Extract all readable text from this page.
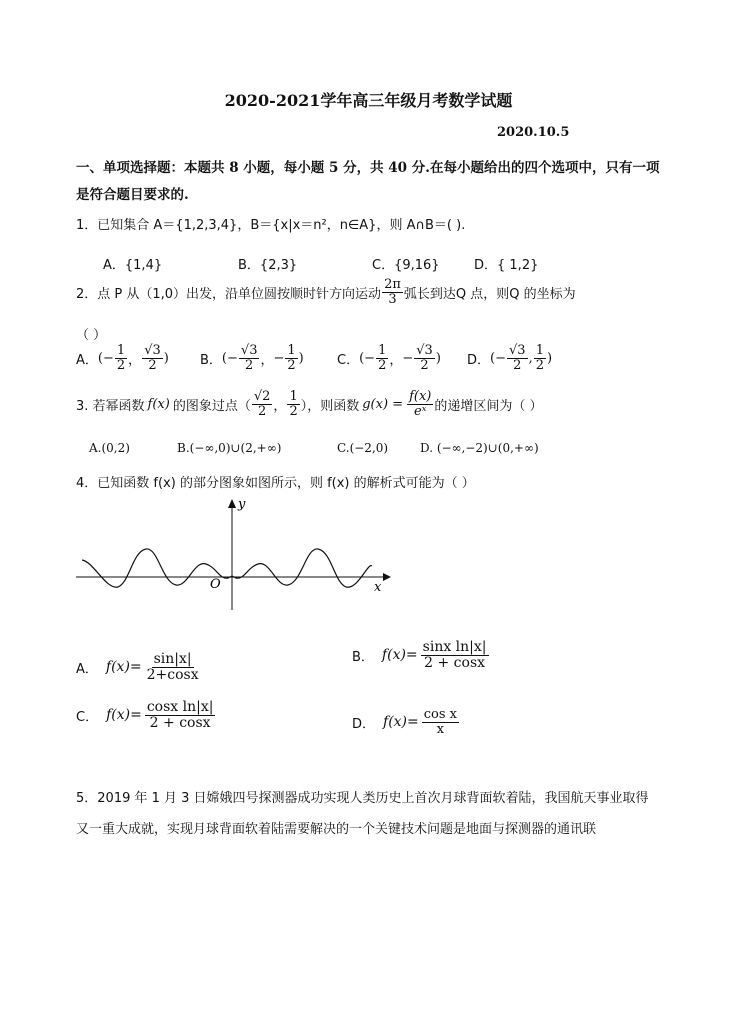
2020-2021学年高三年级月考数学试题
2020.10.5
一、单项选择题：本题共 8 小题，每小题 5 分，共 40 分.在每小题给出的四个选项中，只有一项
是符合题目要求的.
1．已知集合 A＝{1,2,3,4}，B＝{x|x＝n²，n∈A}，则 A∩B＝( ).
A．{1,4}	B．{2,3}	C．{9,16}	D．{ 1,2}
2．点 P 从（1,0）出发，沿单位圆按顺时针方向运动 $\frac{2\pi}{3}$ 弧长到达Q 点，则Q 的坐标为
（ ）
A． ( − $\frac{1}{2}$ ， $\frac{√3}{2}$ ) B． ( − $\frac{√3}{2}$ ， − $\frac{1}{2}$ )	C． ( − $\frac{1}{2}$ ， − $\frac{√3}{2}$ ) D． ( − $\frac{√3}{2}$ , $\frac{1}{2}$ )
3. 若幂函数 f(x) 的图象过点（ $\frac{√2}{2}$ ， $\frac{1}{2}$ ），则函数 $g(x) = \frac{f(x)}{\text{eˣ}}$ 的递增区间为（ ）
A.(0,2)	B.(−∞,0)∪(2,+∞)	C.(−2,0)	D. (−∞,−2)∪(0,+∞)
4．已知函数 f(x) 的部分图象如图所示，则 f(x) 的解析式可能为（ ）
y
x
O
A． $f(x)= \frac{\sin|x|}{2+\cos x}$	B． $f(x)= \frac{\text{sinx ln|x|}}{2 + \cos x}$
C． $f(x)= \frac{\text{cosx ln|x|}}{2 + \cos x}$	D． $f(x)= \frac{\text{cos x}}{x}$
5．2019 年 1 月 3 日嫦娥四号探测器成功实现人类历史上首次月球背面软着陆，我国航天事业取得
又一重大成就，实现月球背面软着陆需要解决的一个关键技术问题是地面与探测器的通讯联
